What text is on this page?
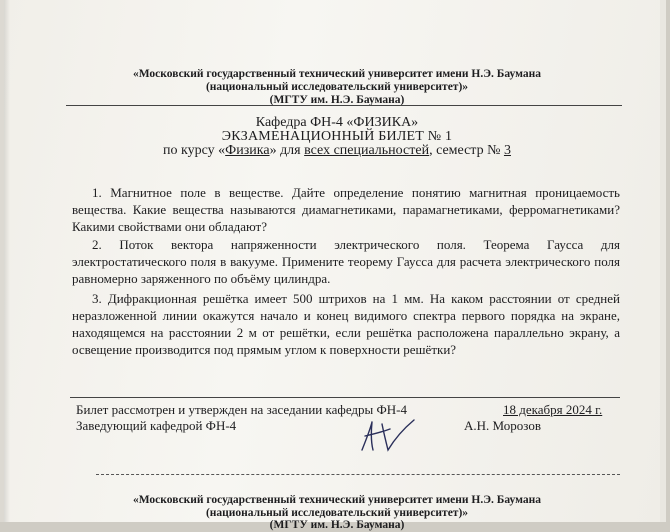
«Московский государственный технический университет имени Н.Э. Баумана
(национальный исследовательский университет)»
(МГТУ им. Н.Э. Баумана)
Кафедра ФН-4 «ФИЗИКА»
ЭКЗАМЕНАЦИОННЫЙ БИЛЕТ № 1
по курсу «Физика» для всех специальностей, семестр № 3
1. Магнитное поле в веществе. Дайте определение понятию магнитная проницаемость вещества. Какие вещества называются диамагнетиками, парамагнетиками, ферромагнетиками? Какими свойствами они обладают?
2. Поток вектора напряженности электрического поля. Теорема Гаусса для электростатического поля в вакууме. Примените теорему Гаусса для расчета электрического поля равномерно заряженного по объёму цилиндра.
3. Дифракционная решётка имеет 500 штрихов на 1 мм. На каком расстоянии от средней неразложенной линии окажутся начало и конец видимого спектра первого порядка на экране, находящемся на расстоянии 2 м от решётки, если решётка расположена параллельно экрану, а освещение производится под прямым углом к поверхности решётки?
Билет рассмотрен и утвержден на заседании кафедры ФН-4	18 декабря 2024 г.
Заведующий кафедрой ФН-4	А.Н. Морозов
«Московский государственный технический университет имени Н.Э. Баумана
(национальный исследовательский университет)»
(МГТУ им. Н.Э. Баумана)
